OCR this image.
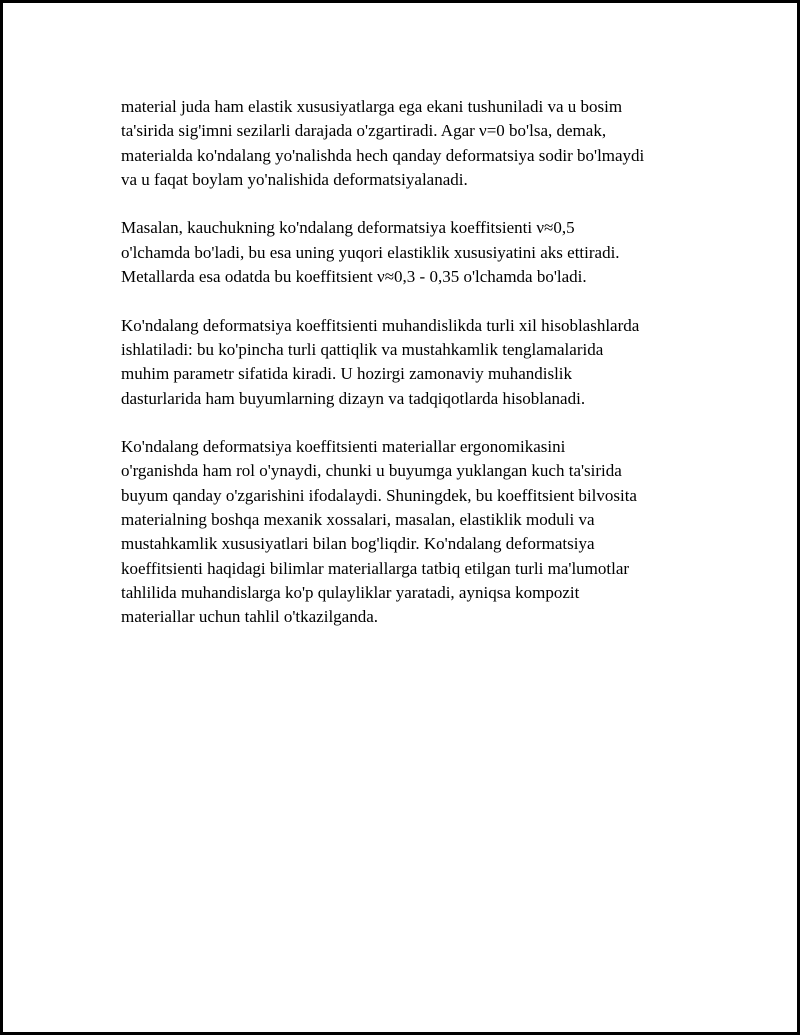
material juda ham elastik xususiyatlarga ega ekani tushuniladi va u bosim
ta'sirida sig'imni sezilarli darajada o'zgartiradi. Agar ν=0 bo'lsa, demak,
materialda ko'ndalang yo'nalishda hech qanday deformatsiya sodir bo'lmaydi
va u faqat boylam yo'nalishida deformatsiyalanadi.

Masalan, kauchukning ko'ndalang deformatsiya koeffitsienti ν≈0,5
o'lchamda bo'ladi, bu esa uning yuqori elastiklik xususiyatini aks ettiradi.
Metallarda esa odatda bu koeffitsient ν≈0,3 - 0,35 o'lchamda bo'ladi.

Ko'ndalang deformatsiya koeffitsienti muhandislikda turli xil hisoblashlarda
ishlatiladi: bu ko'pincha turli qattiqlik va mustahkamlik tenglamalarida
muhim parametr sifatida kiradi. U hozirgi zamonaviy muhandislik
dasturlarida ham buyumlarning dizayn va tadqiqotlarda hisoblanadi.

Ko'ndalang deformatsiya koeffitsienti materiallar ergonomikasini
o'rganishda ham rol o'ynaydi, chunki u buyumga yuklangan kuch ta'sirida
buyum qanday o'zgarishini ifodalaydi. Shuningdek, bu koeffitsient bilvosita
materialning boshqa mexanik xossalari, masalan, elastiklik moduli va
mustahkamlik xususiyatlari bilan bog'liqdir. Ko'ndalang deformatsiya
koeffitsienti haqidagi bilimlar materiallarga tatbiq etilgan turli ma'lumotlar
tahlilida muhandislarga ko'p qulayliklar yaratadi, ayniqsa kompozit
materiallar uchun tahlil o'tkazilganda.
